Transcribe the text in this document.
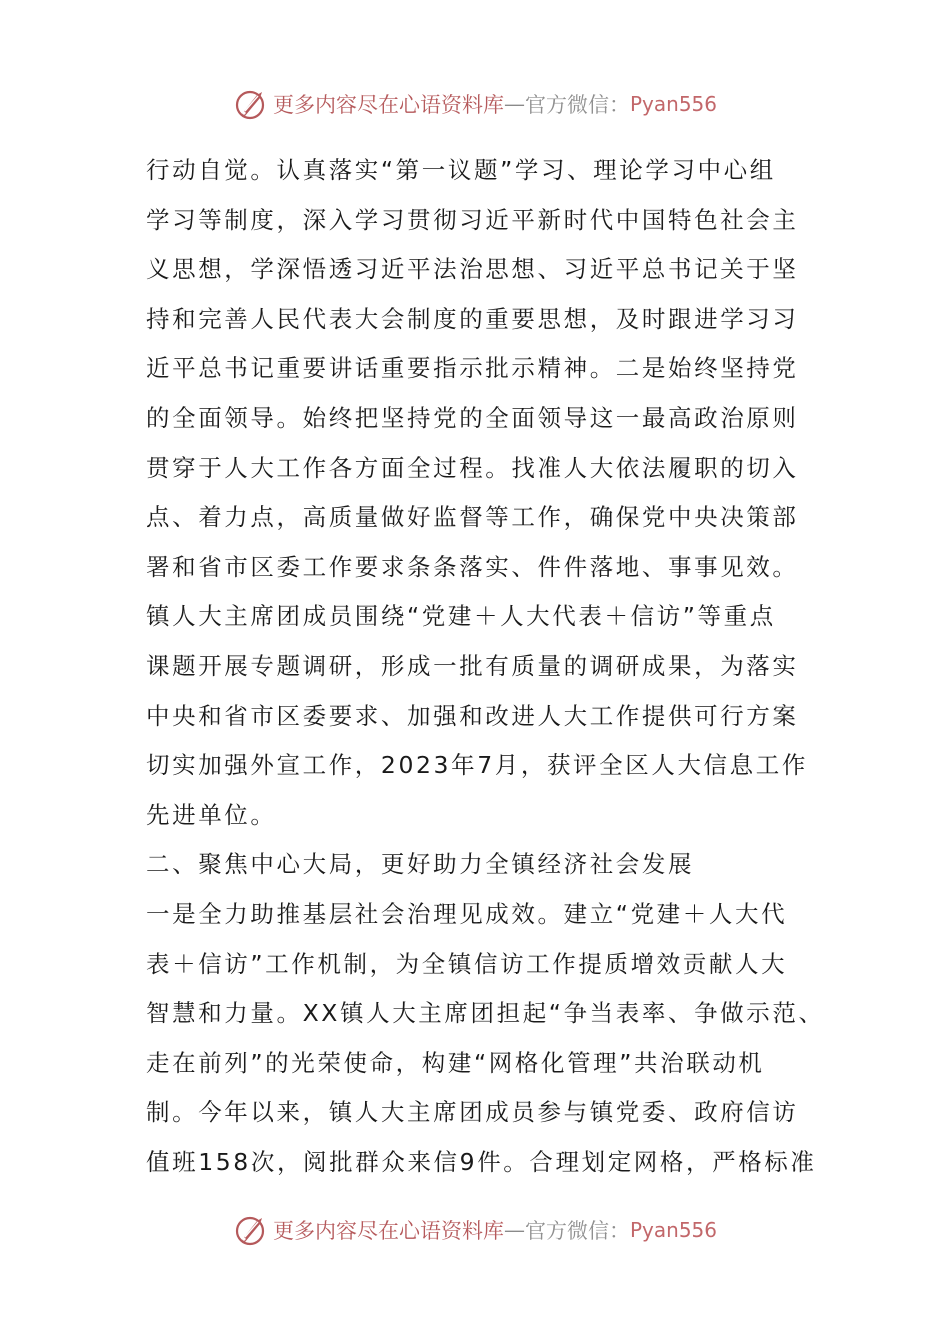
更多内容尽在心语资料库 — 官方微信： Pyan556
行动自觉。认真落实“第一议题”学习、理论学习中心组
学习等制度，深入学习贯彻习近平新时代中国特色社会主
义思想，学深悟透习近平法治思想、习近平总书记关于坚
持和完善人民代表大会制度的重要思想，及时跟进学习习
近平总书记重要讲话重要指示批示精神。二是始终坚持党
的全面领导。始终把坚持党的全面领导这一最高政治原则
贯穿于人大工作各方面全过程。找准人大依法履职的切入
点、着力点，高质量做好监督等工作，确保党中央决策部
署和省市区委工作要求条条落实、件件落地、事事见效。
镇人大主席团成员围绕“党建＋人大代表＋信访”等重点
课题开展专题调研，形成一批有质量的调研成果，为落实
中央和省市区委要求、加强和改进人大工作提供可行方案
切实加强外宣工作，2023年7月，获评全区人大信息工作
先进单位。
二、聚焦中心大局，更好助力全镇经济社会发展
一是全力助推基层社会治理见成效。建立“党建＋人大代
表＋信访”工作机制，为全镇信访工作提质增效贡献人大
智慧和力量。XX镇人大主席团担起“争当表率、争做示范、
走在前列”的光荣使命，构建“网格化管理”共治联动机
制。今年以来，镇人大主席团成员参与镇党委、政府信访
值班158次，阅批群众来信9件。合理划定网格，严格标准
更多内容尽在心语资料库 — 官方微信： Pyan556
